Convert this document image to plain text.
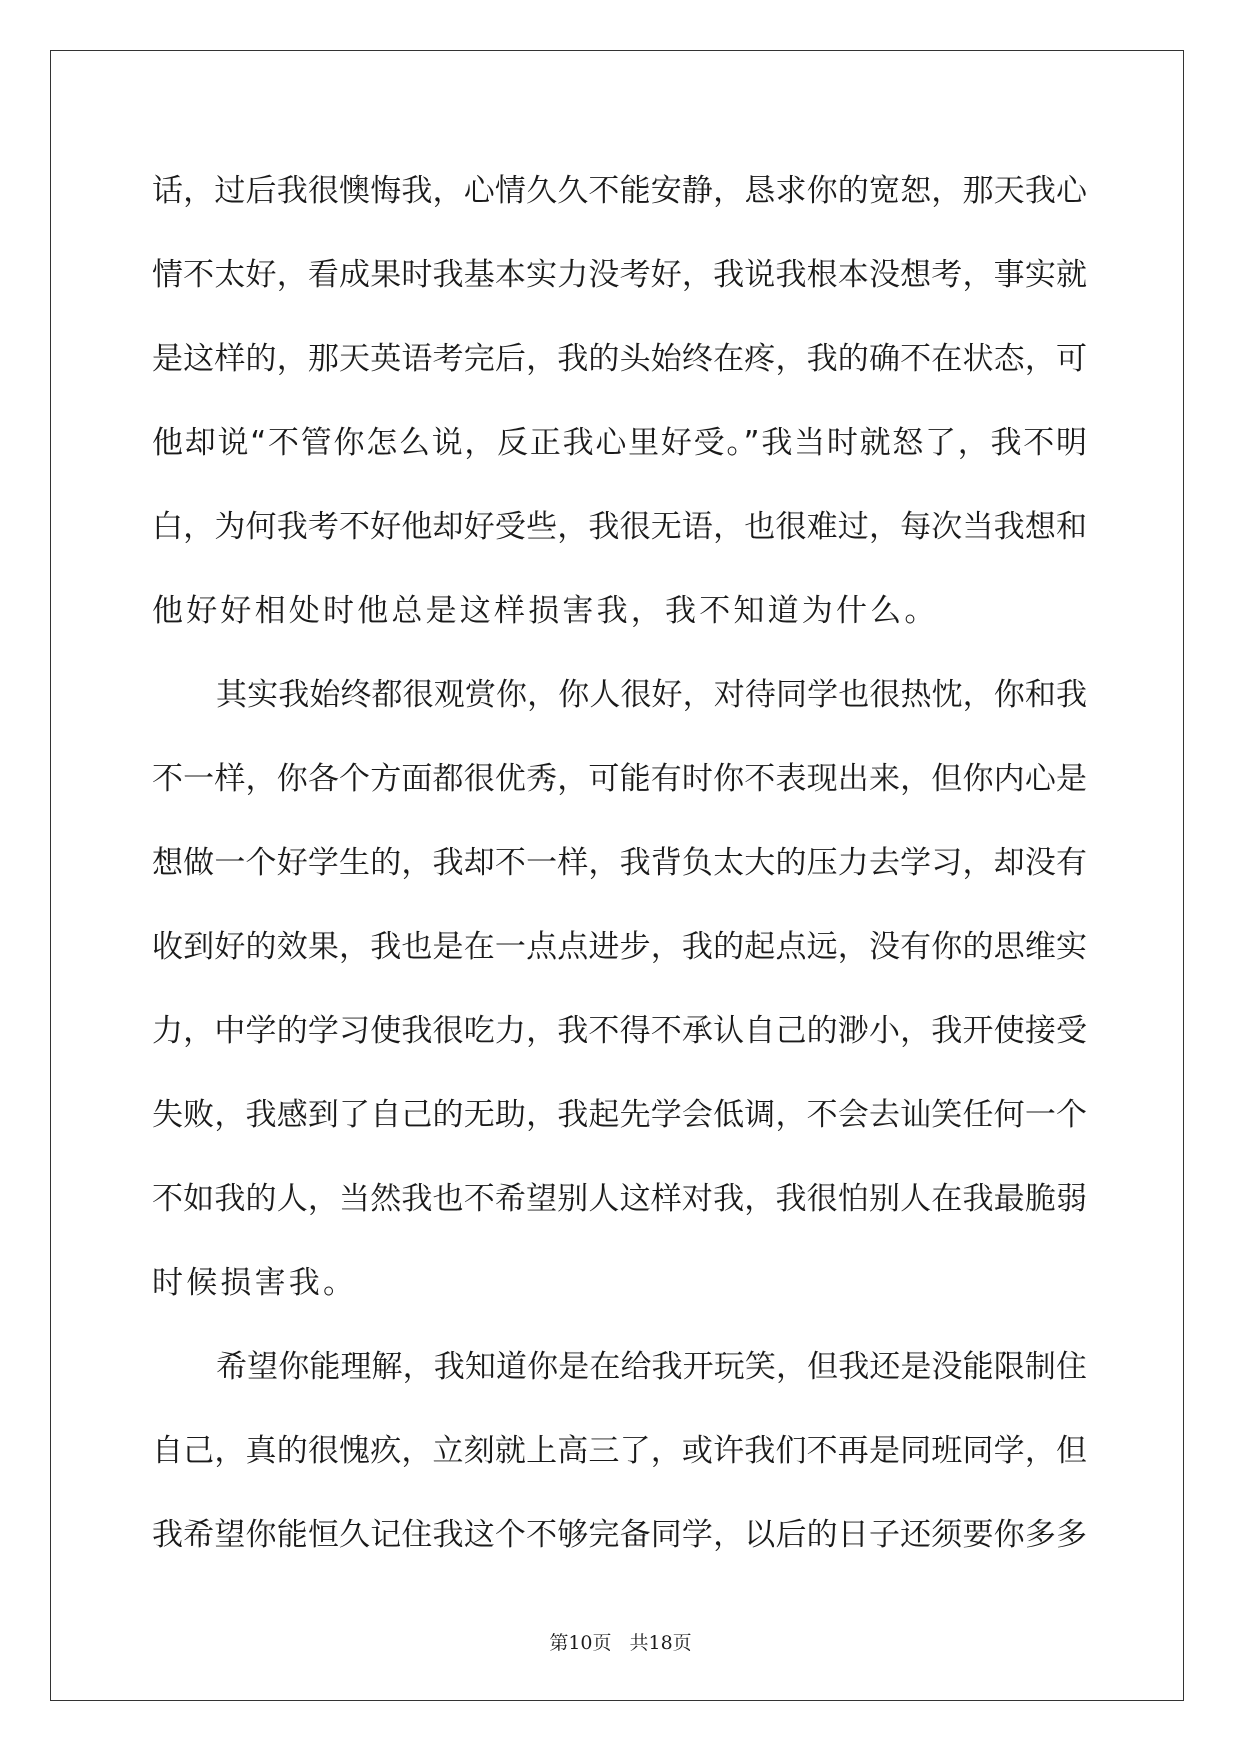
话，过后我很懊悔我，心情久久不能安静，恳求你的宽恕，那天我心
情不太好，看成果时我基本实力没考好，我说我根本没想考，事实就
是这样的，那天英语考完后，我的头始终在疼，我的确不在状态，可
他却说“不管你怎么说，反正我心里好受。”我当时就怒了，我不明
白，为何我考不好他却好受些，我很无语，也很难过，每次当我想和
他好好相处时他总是这样损害我，我不知道为什么。
其实我始终都很观赏你，你人很好，对待同学也很热忱，你和我
不一样，你各个方面都很优秀，可能有时你不表现出来，但你内心是
想做一个好学生的，我却不一样，我背负太大的压力去学习，却没有
收到好的效果，我也是在一点点进步，我的起点远，没有你的思维实
力，中学的学习使我很吃力，我不得不承认自己的渺小，我开使接受
失败，我感到了自己的无助，我起先学会低调，不会去讪笑任何一个
不如我的人，当然我也不希望别人这样对我，我很怕别人在我最脆弱
时候损害我。
希望你能理解，我知道你是在给我开玩笑，但我还是没能限制住
自己，真的很愧疚，立刻就上高三了，或许我们不再是同班同学，但
我希望你能恒久记住我这个不够完备同学，以后的日子还须要你多多
第10页 共18页
